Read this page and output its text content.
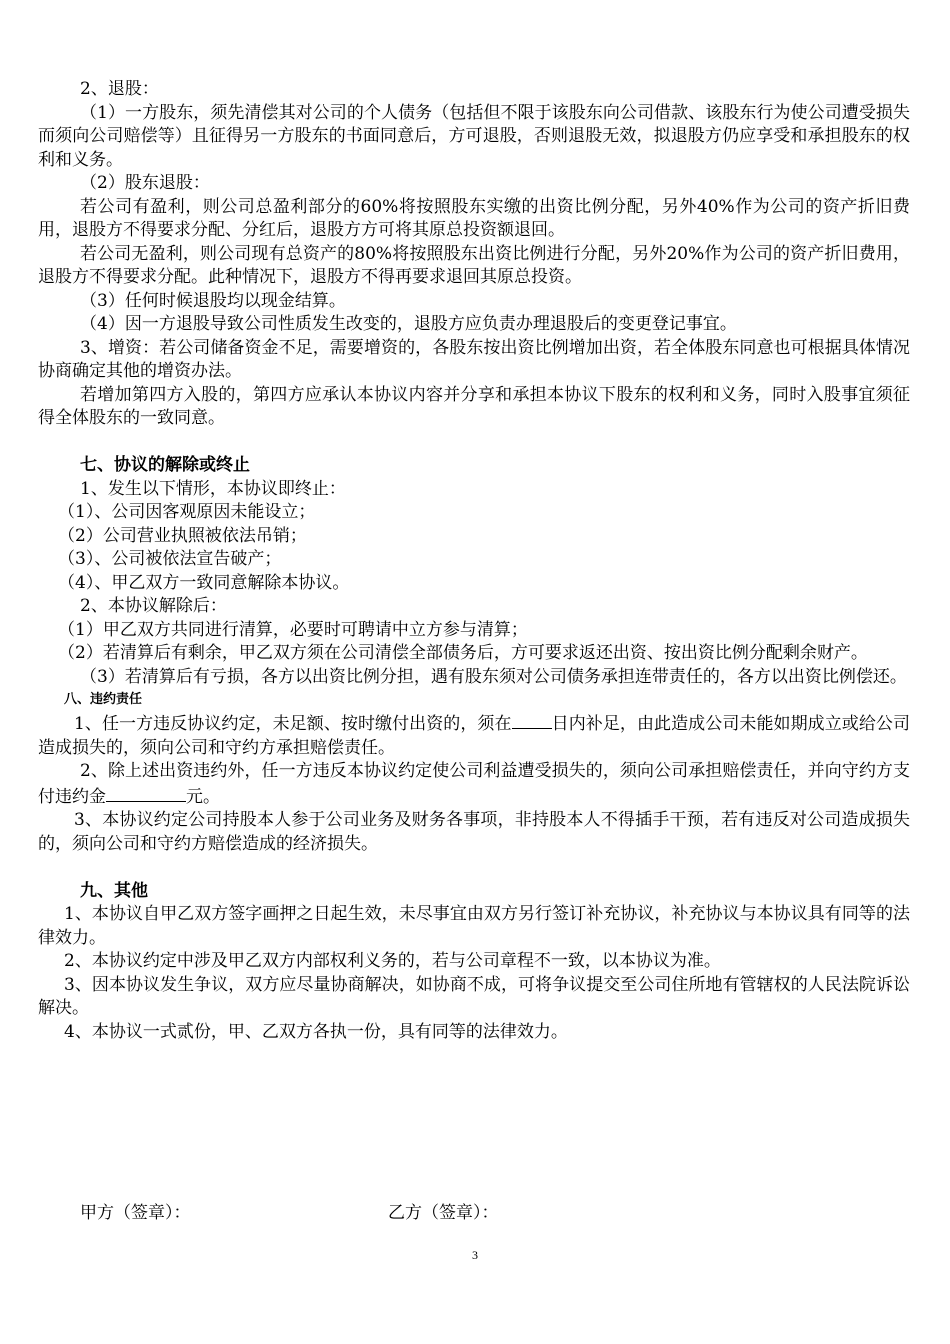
2、退股：

（1）一方股东，须先清偿其对公司的个人债务（包括但不限于该股东向公司借款、该股东行为使公司遭受损失而须向公司赔偿等）且征得另一方股东的书面同意后，方可退股，否则退股无效，拟退股方仍应享受和承担股东的权利和义务。

（2）股东退股：

若公司有盈利，则公司总盈利部分的60%将按照股东实缴的出资比例分配，另外40%作为公司的资产折旧费用，退股方不得要求分配、分红后，退股方方可将其原总投资额退回。

若公司无盈利，则公司现有总资产的80%将按照股东出资比例进行分配，另外20%作为公司的资产折旧费用，退股方不得要求分配。此种情况下，退股方不得再要求退回其原总投资。

（3）任何时候退股均以现金结算。

（4）因一方退股导致公司性质发生改变的，退股方应负责办理退股后的变更登记事宜。

3、增资：若公司储备资金不足，需要增资的，各股东按出资比例增加出资，若全体股东同意也可根据具体情况协商确定其他的增资办法。

若增加第四方入股的，第四方应承认本协议内容并分享和承担本协议下股东的权利和义务，同时入股事宜须征得全体股东的一致同意。

七、协议的解除或终止

1、发生以下情形，本协议即终止：

（1）、公司因客观原因未能设立；

（2）公司营业执照被依法吊销；

（3）、公司被依法宣告破产；

（4）、甲乙双方一致同意解除本协议。

2、本协议解除后：

（1）甲乙双方共同进行清算，必要时可聘请中立方参与清算；

（2）若清算后有剩余，甲乙双方须在公司清偿全部债务后，方可要求返还出资、按出资比例分配剩余财产。

（3）若清算后有亏损，各方以出资比例分担，遇有股东须对公司债务承担连带责任的，各方以出资比例偿还。

八、违约责任

1、任一方违反协议约定，未足额、按时缴付出资的，须在 日内补足，由此造成公司未能如期成立或给公司造成损失的，须向公司和守约方承担赔偿责任。

2、除上述出资违约外，任一方违反本协议约定使公司利益遭受损失的，须向公司承担赔偿责任，并向守约方支付违约金	元。

3、本协议约定公司持股本人参于公司业务及财务各事项，非持股本人不得插手干预，若有违反对公司造成损失的，须向公司和守约方赔偿造成的经济损失。

九、其他

1、本协议自甲乙双方签字画押之日起生效，未尽事宜由双方另行签订补充协议，补充协议与本协议具有同等的法律效力。

2、本协议约定中涉及甲乙双方内部权利义务的，若与公司章程不一致，以本协议为准。

3、因本协议发生争议，双方应尽量协商解决，如协商不成，可将争议提交至公司住所地有管辖权的人民法院诉讼解决。

4、本协议一式贰份，甲、乙双方各执一份，具有同等的法律效力。

甲方（签章）：	乙方（签章）：
3
